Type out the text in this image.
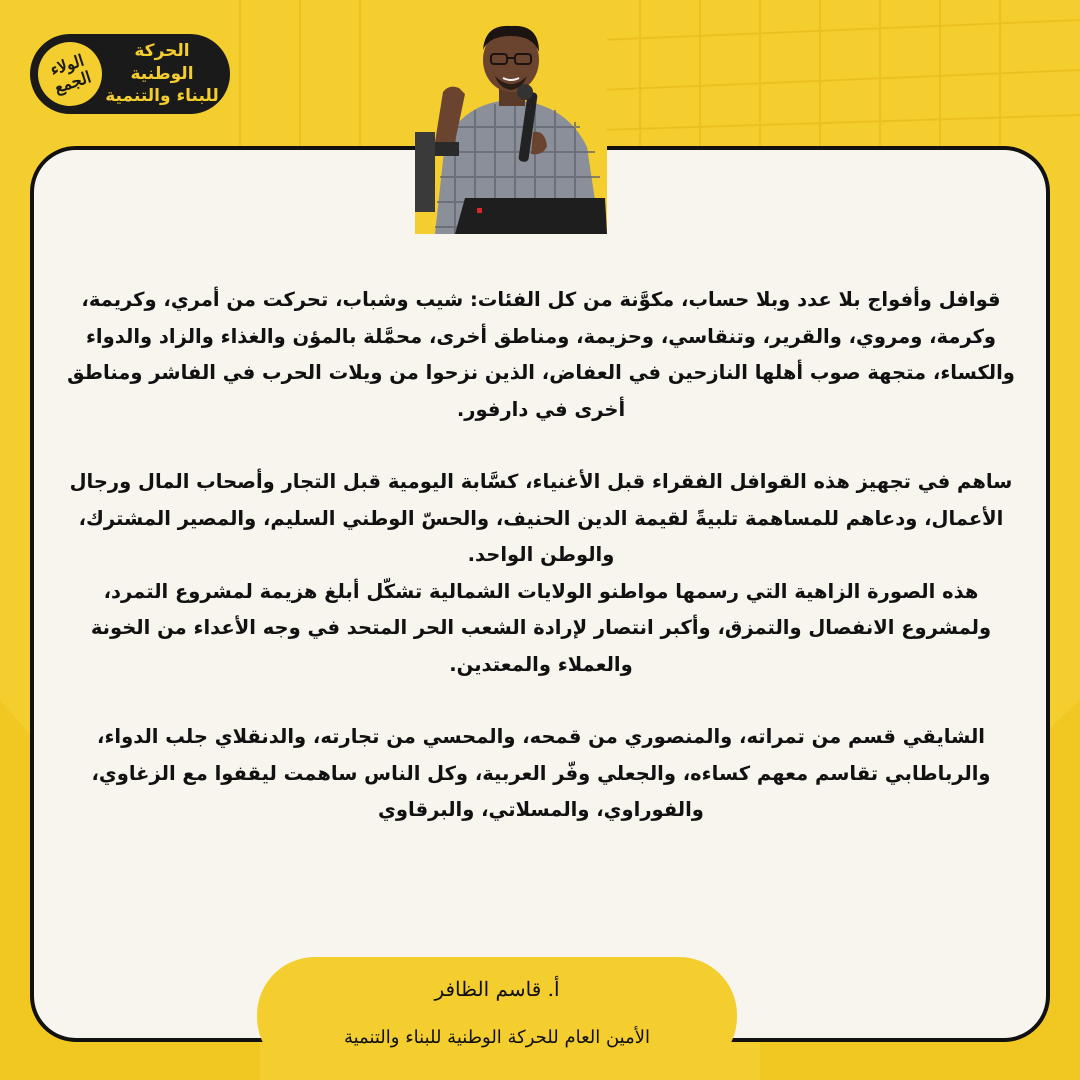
الولاء الجمع
الحركة الوطنية
للبناء والتنمية

قوافل وأفواج بلا عدد وبلا حساب، مكوَّنة من كل الفئات: شيب وشباب، تحركت من أمري، وكريمة،

وكرمة، ومروي، والقرير، وتنقاسي، وحزيمة، ومناطق أخرى، محمَّلة بالمؤن والغذاء والزاد والدواء

والكساء، متجهة صوب أهلها النازحين في العفاض، الذين نزحوا من ويلات الحرب في الفاشر ومناطق

أخرى في دارفور.

ساهم في تجهيز هذه القوافل الفقراء قبل الأغنياء، كسَّابة اليومية قبل التجار وأصحاب المال ورجال

الأعمال، ودعاهم للمساهمة تلبيةً لقيمة الدين الحنيف، والحسّ الوطني السليم، والمصير المشترك،

والوطن الواحد.

هذه الصورة الزاهية التي رسمها مواطنو الولايات الشمالية تشكّل أبلغ هزيمة لمشروع التمرد،

ولمشروع الانفصال والتمزق، وأكبر انتصار لإرادة الشعب الحر المتحد في وجه الأعداء من الخونة

والعملاء والمعتدين.

الشايقي قسم من تمراته، والمنصوري من قمحه، والمحسي من تجارته، والدنقلاي جلب الدواء،

والرباطابي تقاسم معهم كساءه، والجعلي وفّر العربية، وكل الناس ساهمت ليقفوا مع الزغاوي،

والفوراوي، والمسلاتي، والبرقاوي

أ. قاسم الظافر
الأمين العام للحركة الوطنية للبناء والتنمية
